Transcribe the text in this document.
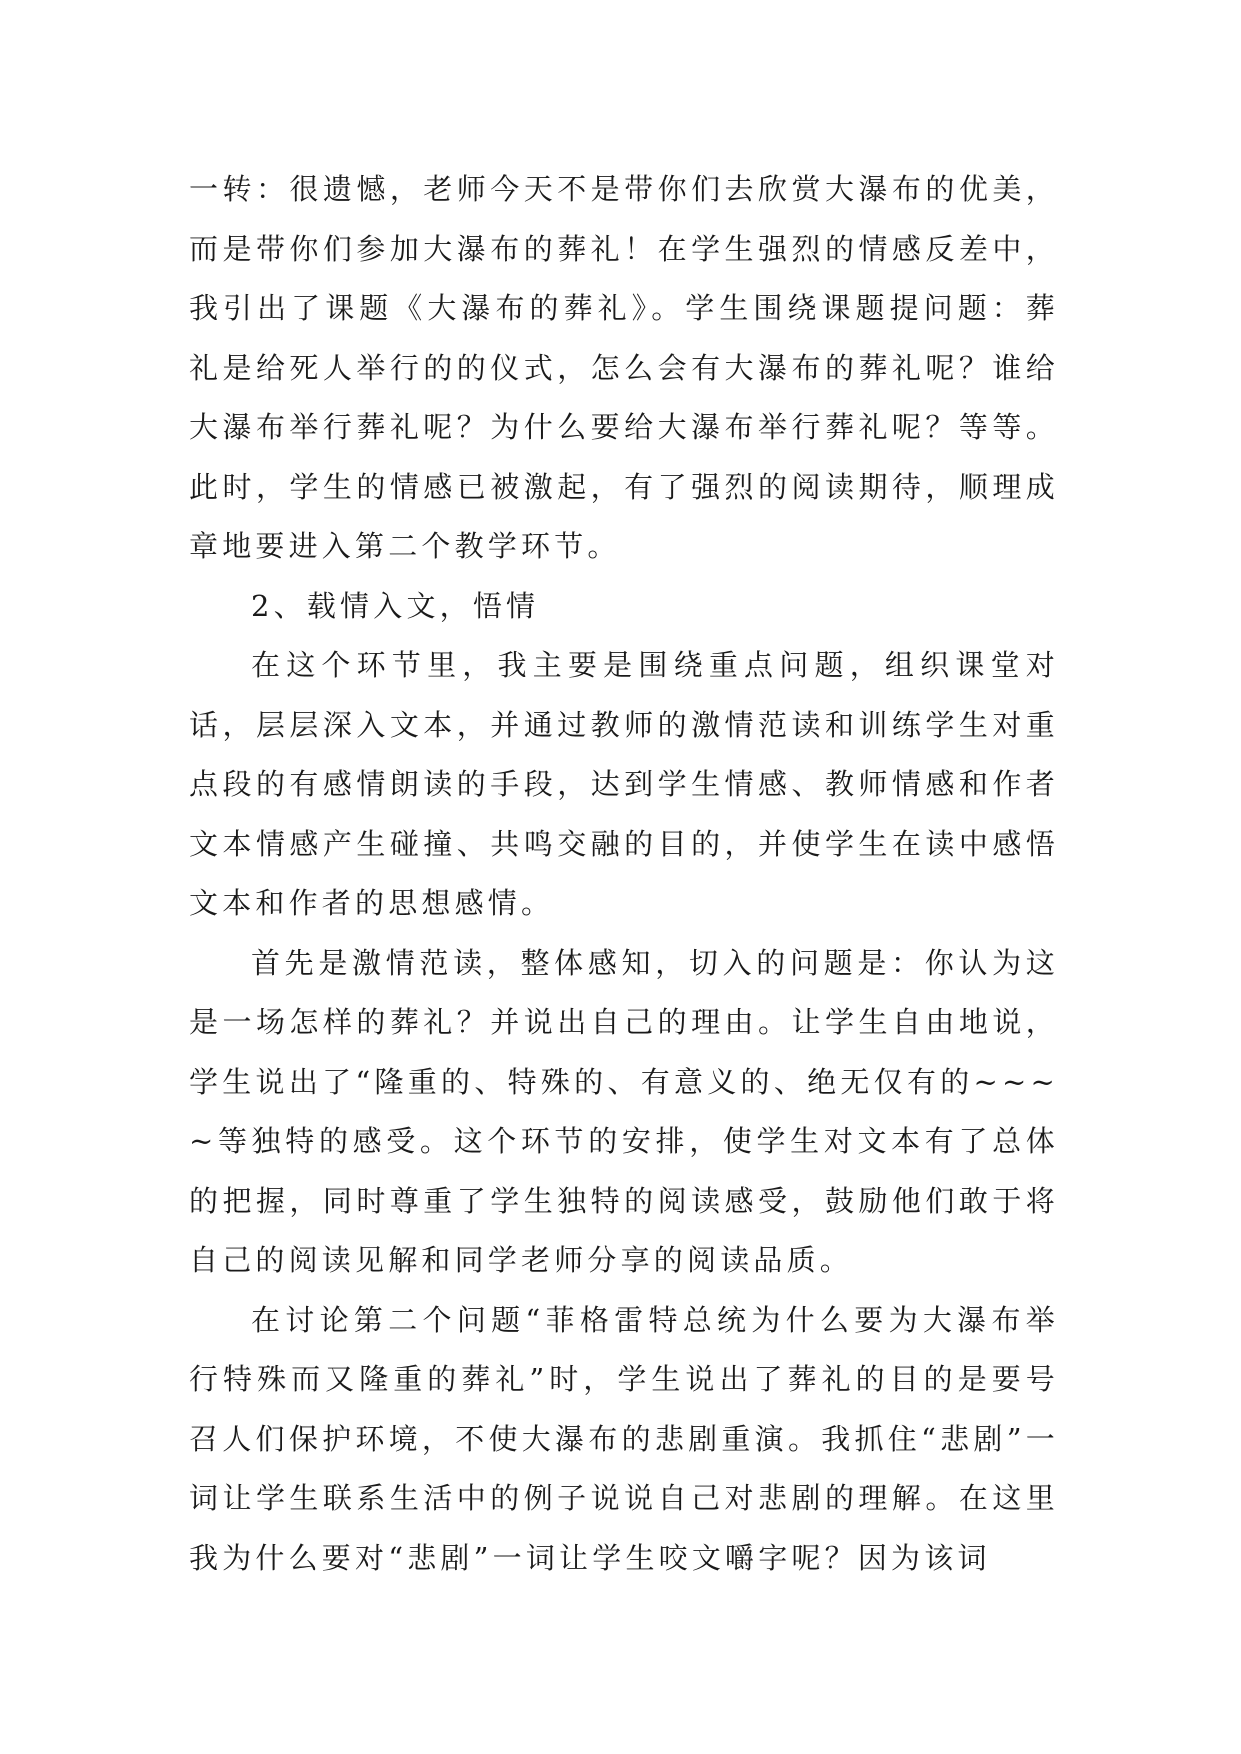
一转：很遗憾，老师今天不是带你们去欣赏大瀑布的优美，而是带你们参加大瀑布的葬礼！在学生强烈的情感反差中，我引出了课题《大瀑布的葬礼》。学生围绕课题提问题：葬礼是给死人举行的的仪式，怎么会有大瀑布的葬礼呢？谁给大瀑布举行葬礼呢？为什么要给大瀑布举行葬礼呢？等等。此时，学生的情感已被激起，有了强烈的阅读期待，顺理成章地要进入第二个教学环节。

2、载情入文，悟情

在这个环节里，我主要是围绕重点问题，组织课堂对话，层层深入文本，并通过教师的激情范读和训练学生对重点段的有感情朗读的手段，达到学生情感、教师情感和作者文本情感产生碰撞、共鸣交融的目的，并使学生在读中感悟文本和作者的思想感情。

首先是激情范读，整体感知，切入的问题是：你认为这是一场怎样的葬礼？并说出自己的理由。让学生自由地说，学生说出了“隆重的、特殊的、有意义的、绝无仅有的~~~~等独特的感受。这个环节的安排，使学生对文本有了总体的把握，同时尊重了学生独特的阅读感受，鼓励他们敢于将自己的阅读见解和同学老师分享的阅读品质。

在讨论第二个问题“菲格雷特总统为什么要为大瀑布举行特殊而又隆重的葬礼”时，学生说出了葬礼的目的是要号召人们保护环境，不使大瀑布的悲剧重演。我抓住“悲剧”一词让学生联系生活中的例子说说自己对悲剧的理解。在这里我为什么要对“悲剧”一词让学生咬文嚼字呢？因为该词
